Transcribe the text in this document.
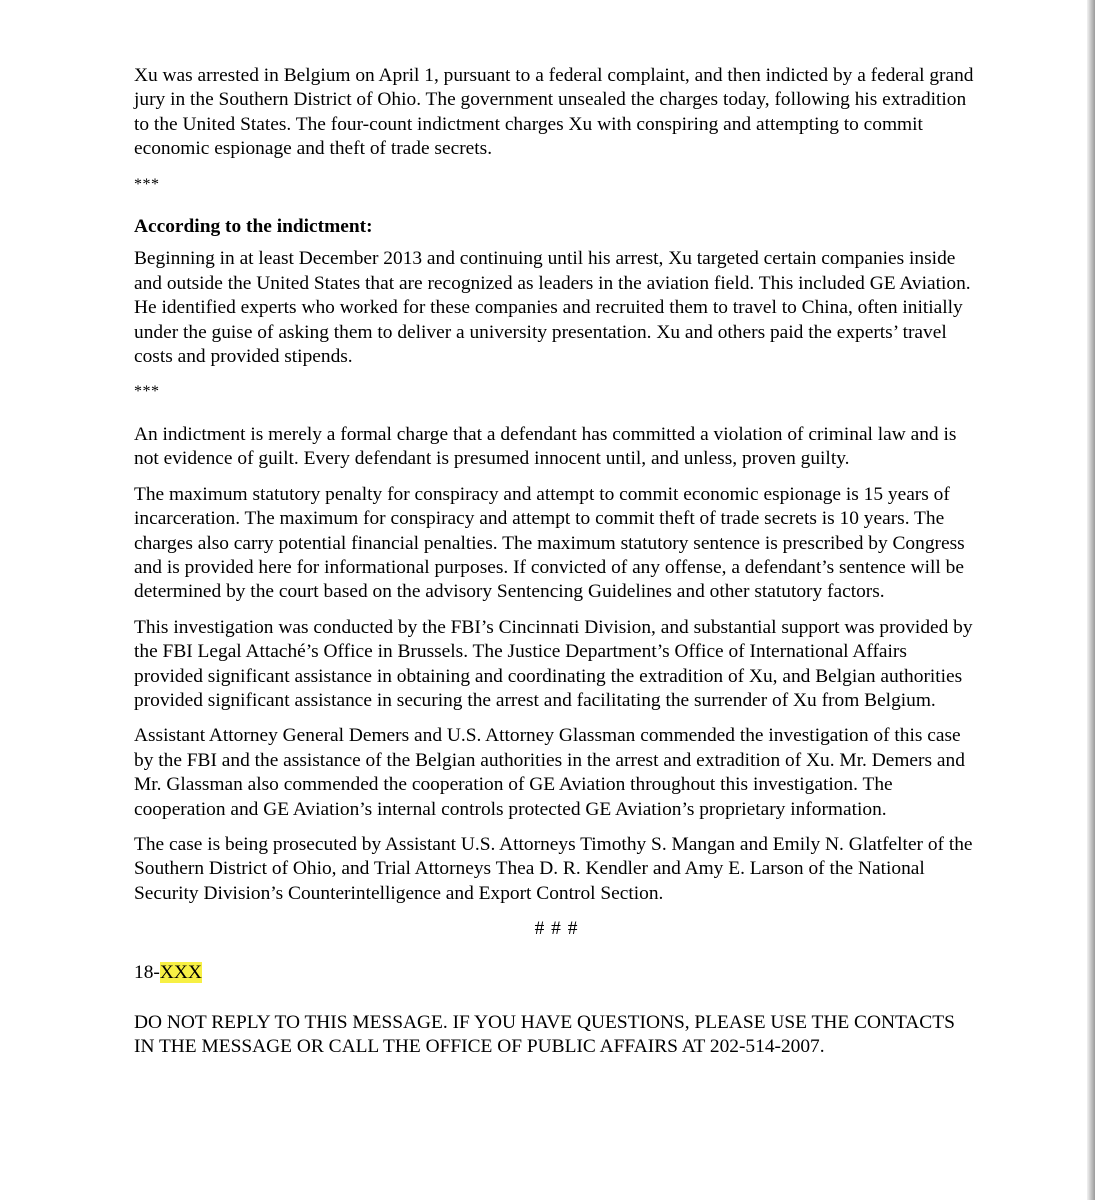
Xu was arrested in Belgium on April 1, pursuant to a federal complaint, and then indicted by a federal grand jury in the Southern District of Ohio. The government unsealed the charges today, following his extradition to the United States. The four-count indictment charges Xu with conspiring and attempting to commit economic espionage and theft of trade secrets.

***

According to the indictment:

Beginning in at least December 2013 and continuing until his arrest, Xu targeted certain companies inside and outside the United States that are recognized as leaders in the aviation field. This included GE Aviation. He identified experts who worked for these companies and recruited them to travel to China, often initially under the guise of asking them to deliver a university presentation. Xu and others paid the experts’ travel costs and provided stipends.

***

An indictment is merely a formal charge that a defendant has committed a violation of criminal law and is not evidence of guilt. Every defendant is presumed innocent until, and unless, proven guilty.

The maximum statutory penalty for conspiracy and attempt to commit economic espionage is 15 years of incarceration. The maximum for conspiracy and attempt to commit theft of trade secrets is 10 years. The charges also carry potential financial penalties. The maximum statutory sentence is prescribed by Congress and is provided here for informational purposes. If convicted of any offense, a defendant’s sentence will be determined by the court based on the advisory Sentencing Guidelines and other statutory factors.

This investigation was conducted by the FBI’s Cincinnati Division, and substantial support was provided by the FBI Legal Attaché’s Office in Brussels. The Justice Department’s Office of International Affairs provided significant assistance in obtaining and coordinating the extradition of Xu, and Belgian authorities provided significant assistance in securing the arrest and facilitating the surrender of Xu from Belgium.

Assistant Attorney General Demers and U.S. Attorney Glassman commended the investigation of this case by the FBI and the assistance of the Belgian authorities in the arrest and extradition of Xu. Mr. Demers and Mr. Glassman also commended the cooperation of GE Aviation throughout this investigation. The cooperation and GE Aviation’s internal controls protected GE Aviation’s proprietary information.

The case is being prosecuted by Assistant U.S. Attorneys Timothy S. Mangan and Emily N. Glatfelter of the Southern District of Ohio, and Trial Attorneys Thea D. R. Kendler and Amy E. Larson of the National Security Division’s Counterintelligence and Export Control Section.

# # #

18-XXX

DO NOT REPLY TO THIS MESSAGE. IF YOU HAVE QUESTIONS, PLEASE USE THE CONTACTS IN THE MESSAGE OR CALL THE OFFICE OF PUBLIC AFFAIRS AT 202-514-2007.
